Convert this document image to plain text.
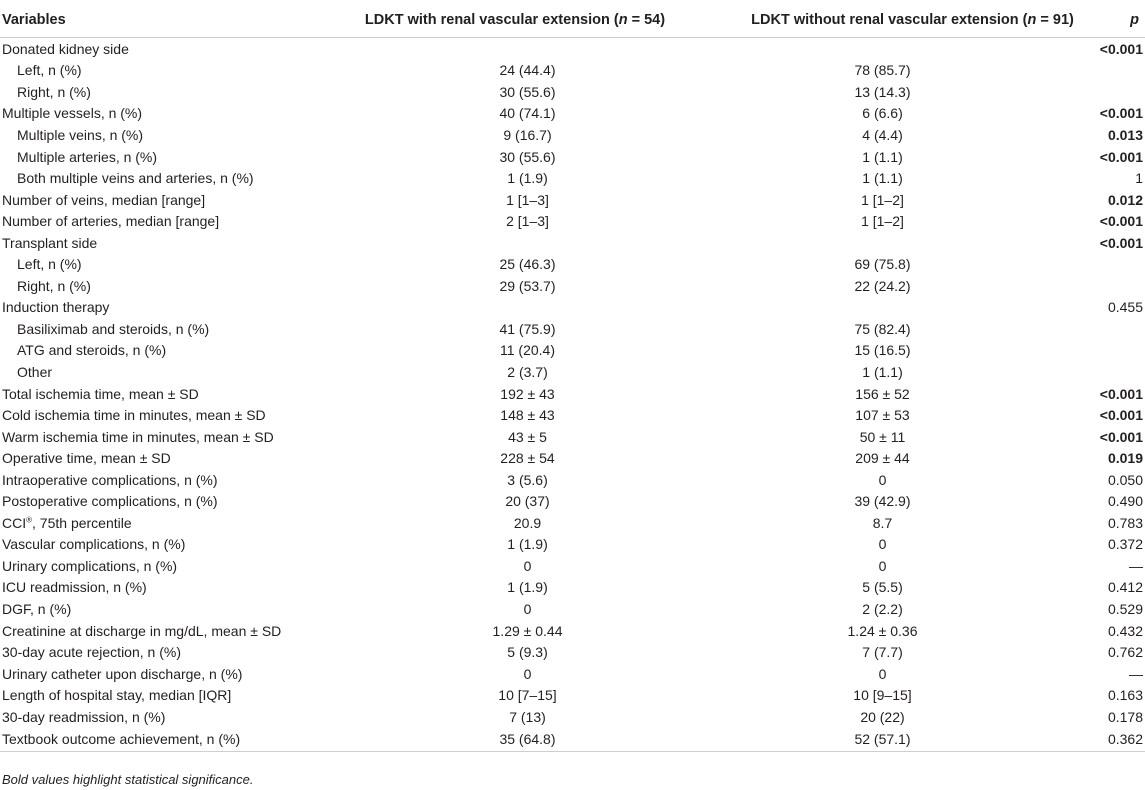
Variables	LDKT with renal vascular extension (n = 54)	LDKT without renal vascular extension (n = 91)	p
Donated kidney side			<0.001
Left, n (%)	24 (44.4)	78 (85.7)	
Right, n (%)	30 (55.6)	13 (14.3)	
Multiple vessels, n (%)	40 (74.1)	6 (6.6)	<0.001
Multiple veins, n (%)	9 (16.7)	4 (4.4)	0.013
Multiple arteries, n (%)	30 (55.6)	1 (1.1)	<0.001
Both multiple veins and arteries, n (%)	1 (1.9)	1 (1.1)	1
Number of veins, median [range]	1 [1–3]	1 [1–2]	0.012
Number of arteries, median [range]	2 [1–3]	1 [1–2]	<0.001
Transplant side			<0.001
Left, n (%)	25 (46.3)	69 (75.8)	
Right, n (%)	29 (53.7)	22 (24.2)	
Induction therapy			0.455
Basiliximab and steroids, n (%)	41 (75.9)	75 (82.4)	
ATG and steroids, n (%)	11 (20.4)	15 (16.5)	
Other	2 (3.7)	1 (1.1)	
Total ischemia time, mean ± SD	192 ± 43	156 ± 52	<0.001
Cold ischemia time in minutes, mean ± SD	148 ± 43	107 ± 53	<0.001
Warm ischemia time in minutes, mean ± SD	43 ± 5	50 ± 11	<0.001
Operative time, mean ± SD	228 ± 54	209 ± 44	0.019
Intraoperative complications, n (%)	3 (5.6)	0	0.050
Postoperative complications, n (%)	20 (37)	39 (42.9)	0.490
CCI®, 75th percentile	20.9	8.7	0.783
Vascular complications, n (%)	1 (1.9)	0	0.372
Urinary complications, n (%)	0	0	—
ICU readmission, n (%)	1 (1.9)	5 (5.5)	0.412
DGF, n (%)	0	2 (2.2)	0.529
Creatinine at discharge in mg/dL, mean ± SD	1.29 ± 0.44	1.24 ± 0.36	0.432
30-day acute rejection, n (%)	5 (9.3)	7 (7.7)	0.762
Urinary catheter upon discharge, n (%)	0	0	—
Length of hospital stay, median [IQR]	10 [7–15]	10 [9–15]	0.163
30-day readmission, n (%)	7 (13)	20 (22)	0.178
Textbook outcome achievement, n (%)	35 (64.8)	52 (57.1)	0.362
Bold values highlight statistical significance.
